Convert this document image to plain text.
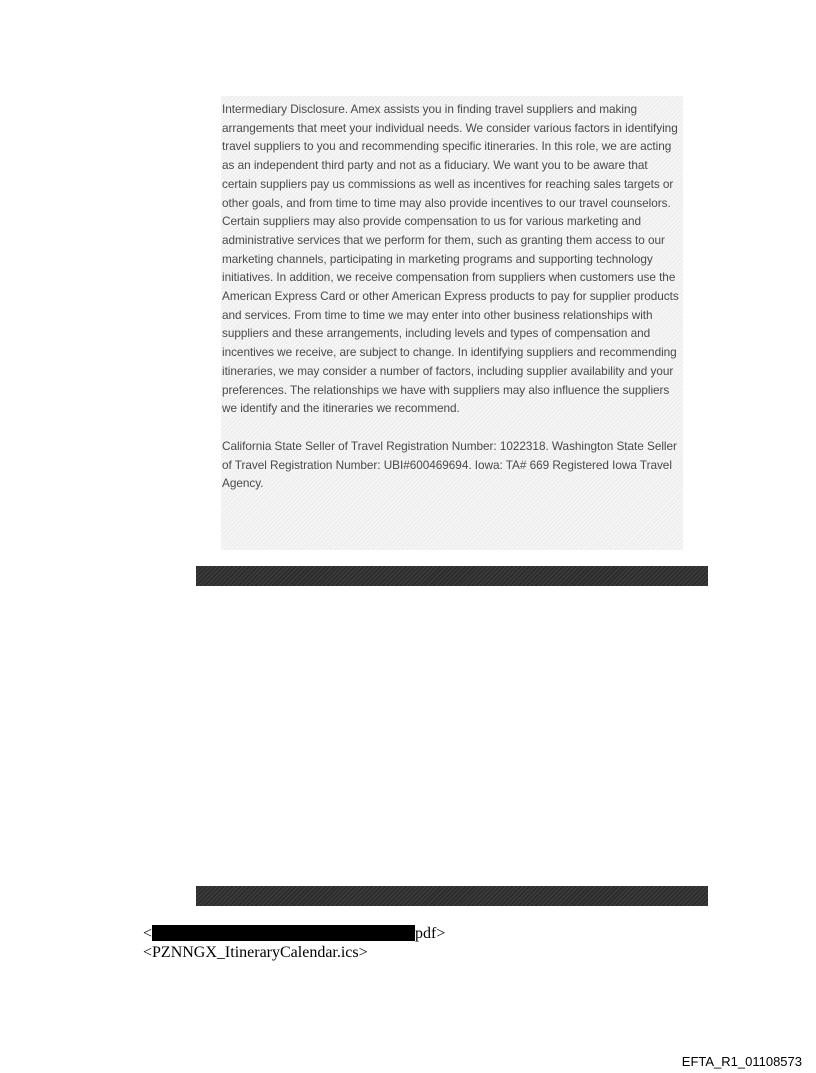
Intermediary Disclosure. Amex assists you in finding travel suppliers and making arrangements that meet your individual needs. We consider various factors in identifying travel suppliers to you and recommending specific itineraries. In this role, we are acting as an independent third party and not as a fiduciary. We want you to be aware that certain suppliers pay us commissions as well as incentives for reaching sales targets or other goals, and from time to time may also provide incentives to our travel counselors. Certain suppliers may also provide compensation to us for various marketing and administrative services that we perform for them, such as granting them access to our marketing channels, participating in marketing programs and supporting technology initiatives. In addition, we receive compensation from suppliers when customers use the American Express Card or other American Express products to pay for supplier products and services. From time to time we may enter into other business relationships with suppliers and these arrangements, including levels and types of compensation and incentives we receive, are subject to change. In identifying suppliers and recommending itineraries, we may consider a number of factors, including supplier availability and your preferences. The relationships we have with suppliers may also influence the suppliers we identify and the itineraries we recommend.

California State Seller of Travel Registration Number: 1022318. Washington State Seller of Travel Registration Number: UBI#600469694. Iowa: TA# 669 Registered Iowa Travel Agency.

<	pdf>
<PZNNGX_ItineraryCalendar.ics>
EFTA_R1_01108573
